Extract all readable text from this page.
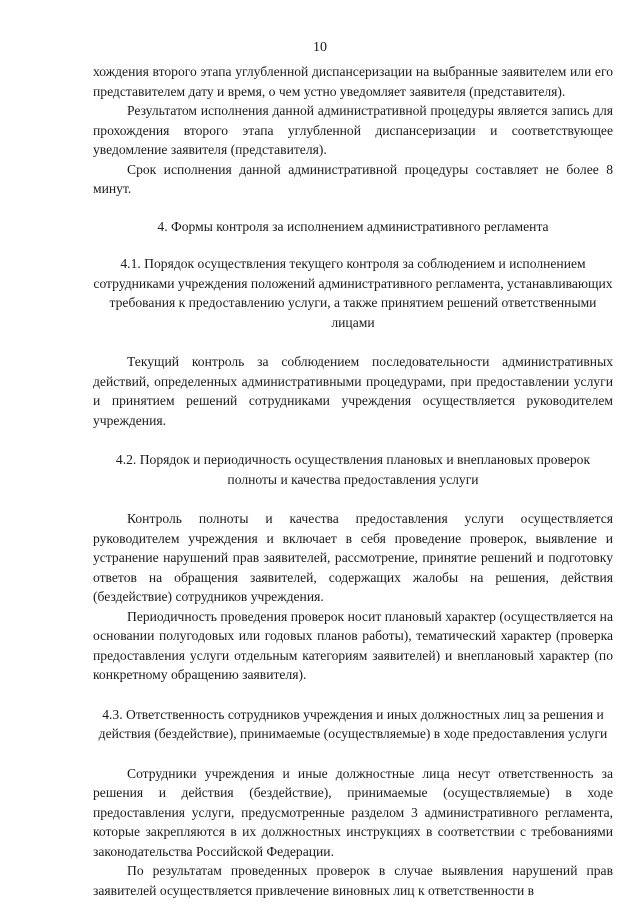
10

хождения второго этапа углубленной диспансеризации на выбранные заявителем или его представителем дату и время, о чем устно уведомляет заявителя (представителя).

Результатом исполнения данной административной процедуры является запись для прохождения второго этапа углубленной диспансеризации и соответствующее уведомление заявителя (представителя).

Срок исполнения данной административной процедуры составляет не более 8 минут.

4. Формы контроля за исполнением административного регламента

4.1. Порядок осуществления текущего контроля за соблюдением и исполнением сотрудниками учреждения положений административного регламента, устанавливающих требования к предоставлению услуги, а также принятием решений ответственными лицами

Текущий контроль за соблюдением последовательности административных действий, определенных административными процедурами, при предоставлении услуги и принятием решений сотрудниками учреждения осуществляется руководителем учреждения.

4.2. Порядок и периодичность осуществления плановых и внеплановых проверок полноты и качества предоставления услуги

Контроль полноты и качества предоставления услуги осуществляется руководителем учреждения и включает в себя проведение проверок, выявление и устранение нарушений прав заявителей, рассмотрение, принятие решений и подготовку ответов на обращения заявителей, содержащих жалобы на решения, действия (бездействие) сотрудников учреждения.

Периодичность проведения проверок носит плановый характер (осуществляется на основании полугодовых или годовых планов работы), тематический характер (проверка предоставления услуги отдельным категориям заявителей) и внеплановый характер (по конкретному обращению заявителя).

4.3. Ответственность сотрудников учреждения и иных должностных лиц за решения и действия (бездействие), принимаемые (осуществляемые) в ходе предоставления услуги

Сотрудники учреждения и иные должностные лица несут ответственность за решения и действия (бездействие), принимаемые (осуществляемые) в ходе предоставления услуги, предусмотренные разделом 3 административного регламента, которые закрепляются в их должностных инструкциях в соответствии с требованиями законодательства Российской Федерации.

По результатам проведенных проверок в случае выявления нарушений прав заявителей осуществляется привлечение виновных лиц к ответственности в
